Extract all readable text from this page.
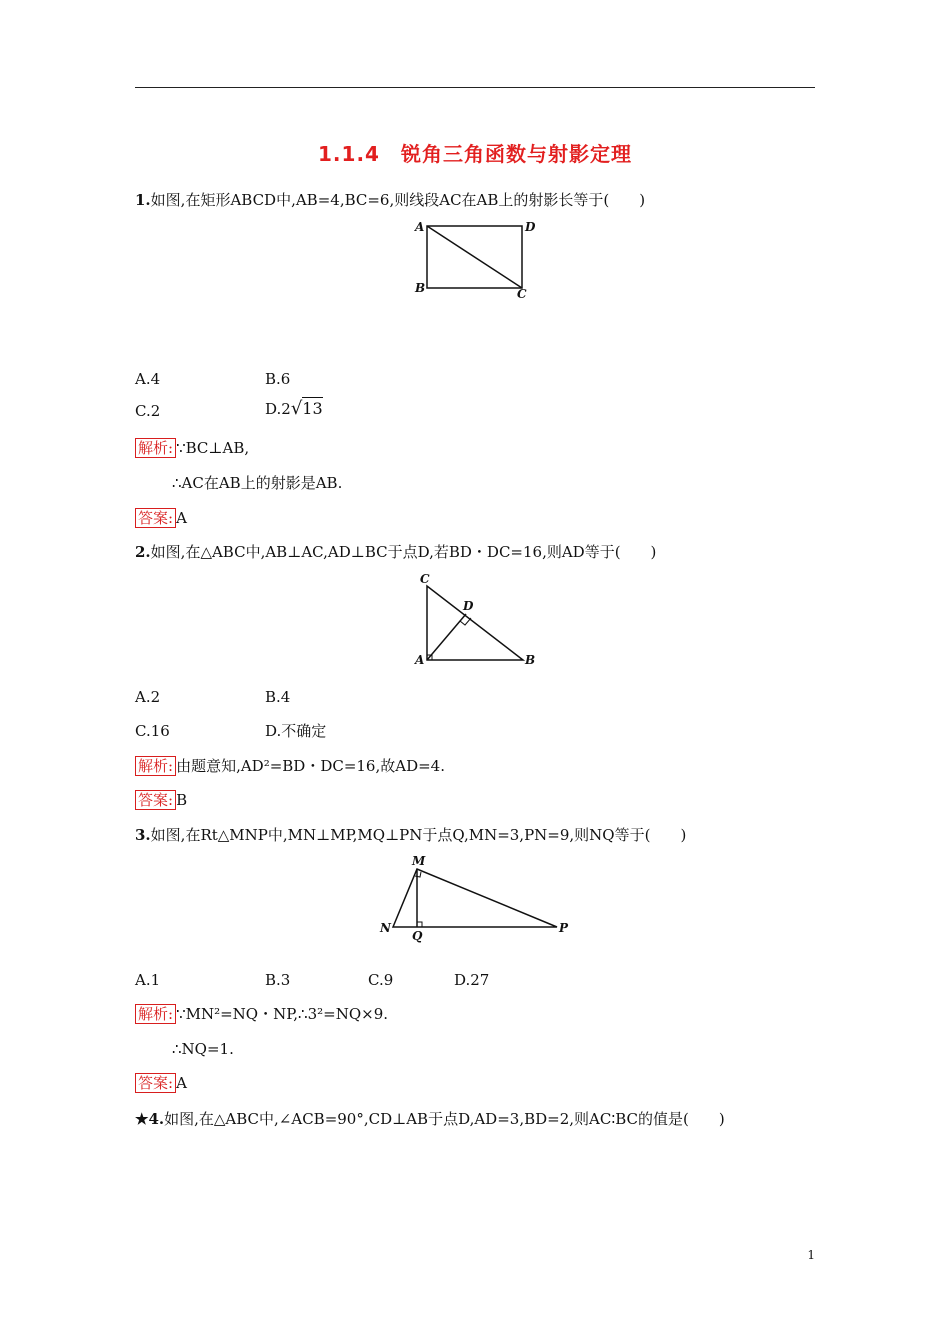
1.1.4　锐角三角函数与射影定理
1.如图,在矩形ABCD中,AB=4,BC=6,则线段AC在AB上的射影长等于(　　)
A	D
B	C
A.4	B.6
C.2	D.2√13
解析: ∵BC⊥AB,
∴AC在AB上的射影是AB.
答案: A
2.如图,在△ABC中,AB⊥AC,AD⊥BC于点D,若BD・DC=16,则AD等于(　　)
C
D
A	B
A.2	B.4
C.16	D.不确定
解析: 由题意知,AD²=BD・DC=16,故AD=4.
答案: B
3.如图,在Rt△MNP中,MN⊥MP,MQ⊥PN于点Q,MN=3,PN=9,则NQ等于(　　)
M
N
Q
P
A.1	B.3	C.9	D.27
解析: ∵MN²=NQ・NP,∴3²=NQ×9.
∴NQ=1.
答案: A
★4.如图,在△ABC中,∠ACB=90°,CD⊥AB于点D,AD=3,BD=2,则AC∶BC的值是(　　)
1
